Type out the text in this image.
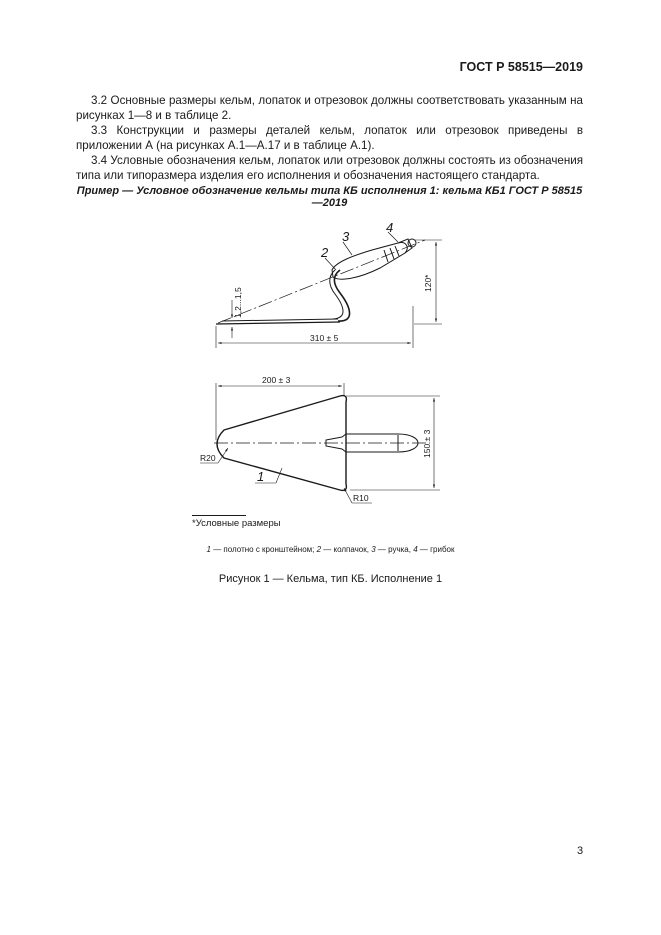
ГОСТ Р 58515—2019

3.2 Основные размеры кельм, лопаток и отрезовок должны соответствовать указанным на рисунках 1—8 и в таблице 2.

3.3 Конструкции и размеры деталей кельм, лопаток или отрезовок приведены в приложении А (на рисунках А.1—А.17 и в таблице А.1).

3.4 Условные обозначения кельм, лопаток или отрезовок должны состоять из обозначения типа или типоразмера изделия его исполнения и обозначения настоящего стандарта.

Пример — Условное обозначение кельмы типа КБ исполнения 1: кельма КБ1 ГОСТ Р 58515—2019
1,2...1,5
120*
310 ± 5
2
3
4
200 ± 3
150 ± 3
R20
R10
1
*Условные размеры
1 — полотно с кронштейном; 2 — колпачок, 3 — ручка, 4 — грибок
Рисунок 1 — Кельма, тип КБ. Исполнение 1
3
